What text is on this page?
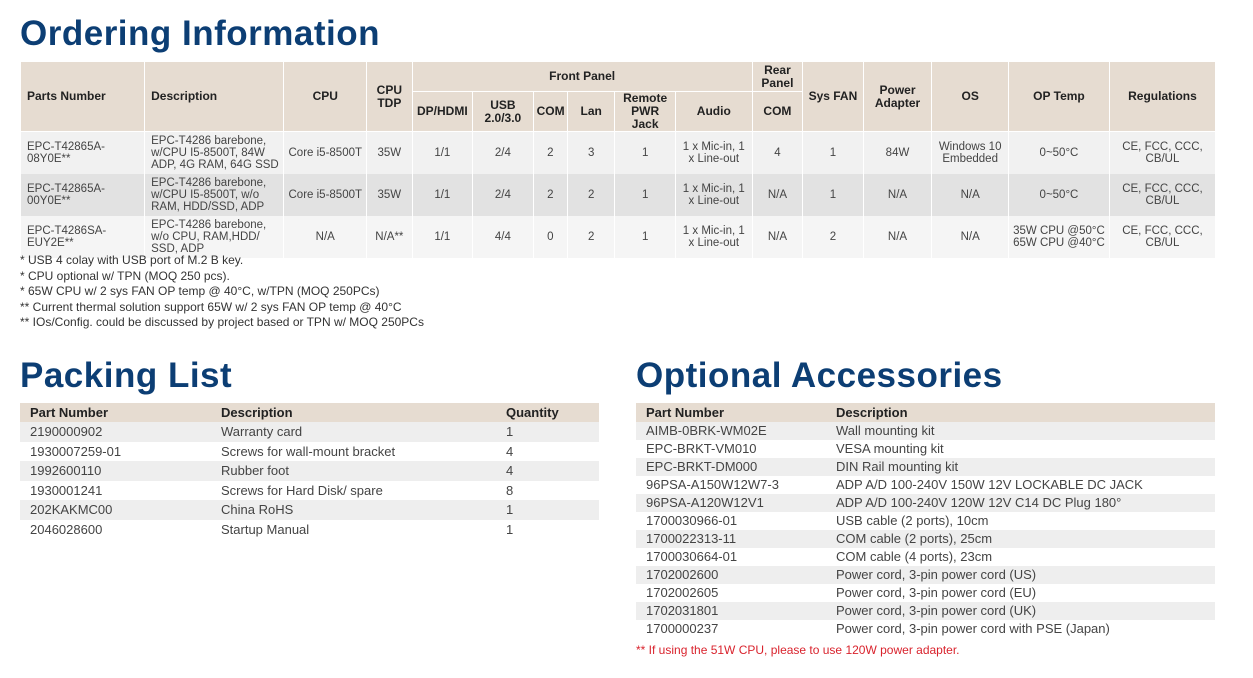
Ordering Information
Parts Number	Description	CPU	CPU TDP	Front Panel						Rear Panel	Sys FAN	Power Adapter	OS	OP Temp	Regulations
				DP/HDMI	USB 2.0/3.0	COM	Lan	Remote PWR Jack	Audio	COM					
EPC-T42865A-08Y0E**	EPC-T4286 barebone, w/CPU I5-8500T, 84W ADP, 4G RAM, 64G SSD	Core i5-8500T	35W	1/1	2/4	2	3	1	1 x Mic-in, 1 x Line-out	4	1	84W	Windows 10 Embedded	0~50°C	CE, FCC, CCC, CB/UL
EPC-T42865A-00Y0E**	EPC-T4286 barebone, w/CPU I5-8500T, w/o RAM, HDD/SSD, ADP	Core i5-8500T	35W	1/1	2/4	2	2	1	1 x Mic-in, 1 x Line-out	N/A	1	N/A	N/A	0~50°C	CE, FCC, CCC, CB/UL
EPC-T4286SA-EUY2E**	EPC-T4286 barebone, w/o CPU, RAM,HDD/ SSD, ADP	N/A	N/A**	1/1	4/4	0	2	1	1 x Mic-in, 1 x Line-out	N/A	2	N/A	N/A	35W CPU @50°C 65W CPU @40°C	CE, FCC, CCC, CB/UL
* USB 4 colay with USB port of M.2 B key.
* CPU optional w/ TPN (MOQ 250 pcs).
* 65W CPU w/ 2 sys FAN OP temp @ 40°C, w/TPN (MOQ 250PCs)
** Current thermal solution support 65W w/ 2 sys FAN OP temp @ 40°C
** IOs/Config. could be discussed by project based or TPN w/ MOQ 250PCs
Packing List	Optional Accessories
Part Number	Description	Quantity
2190000902	Warranty card	1
1930007259-01	Screws for wall-mount bracket	4
1992600110	Rubber foot	4
1930001241	Screws for Hard Disk/ spare	8
202KAKMC00	China RoHS	1
2046028600	Startup Manual	1
Part Number	Description
AIMB-0BRK-WM02E	Wall mounting kit
EPC-BRKT-VM010	VESA mounting kit
EPC-BRKT-DM000	DIN Rail mounting kit
96PSA-A150W12W7-3	ADP A/D 100-240V 150W 12V LOCKABLE DC JACK
96PSA-A120W12V1	ADP A/D 100-240V 120W 12V C14 DC Plug 180°
1700030966-01	USB cable (2 ports), 10cm
1700022313-11	COM cable (2 ports), 25cm
1700030664-01	COM cable (4 ports), 23cm
1702002600	Power cord, 3-pin power cord (US)
1702002605	Power cord, 3-pin power cord (EU)
1702031801	Power cord, 3-pin power cord (UK)
1700000237	Power cord, 3-pin power cord with PSE (Japan)
** If using the 51W CPU, please to use 120W power adapter.
